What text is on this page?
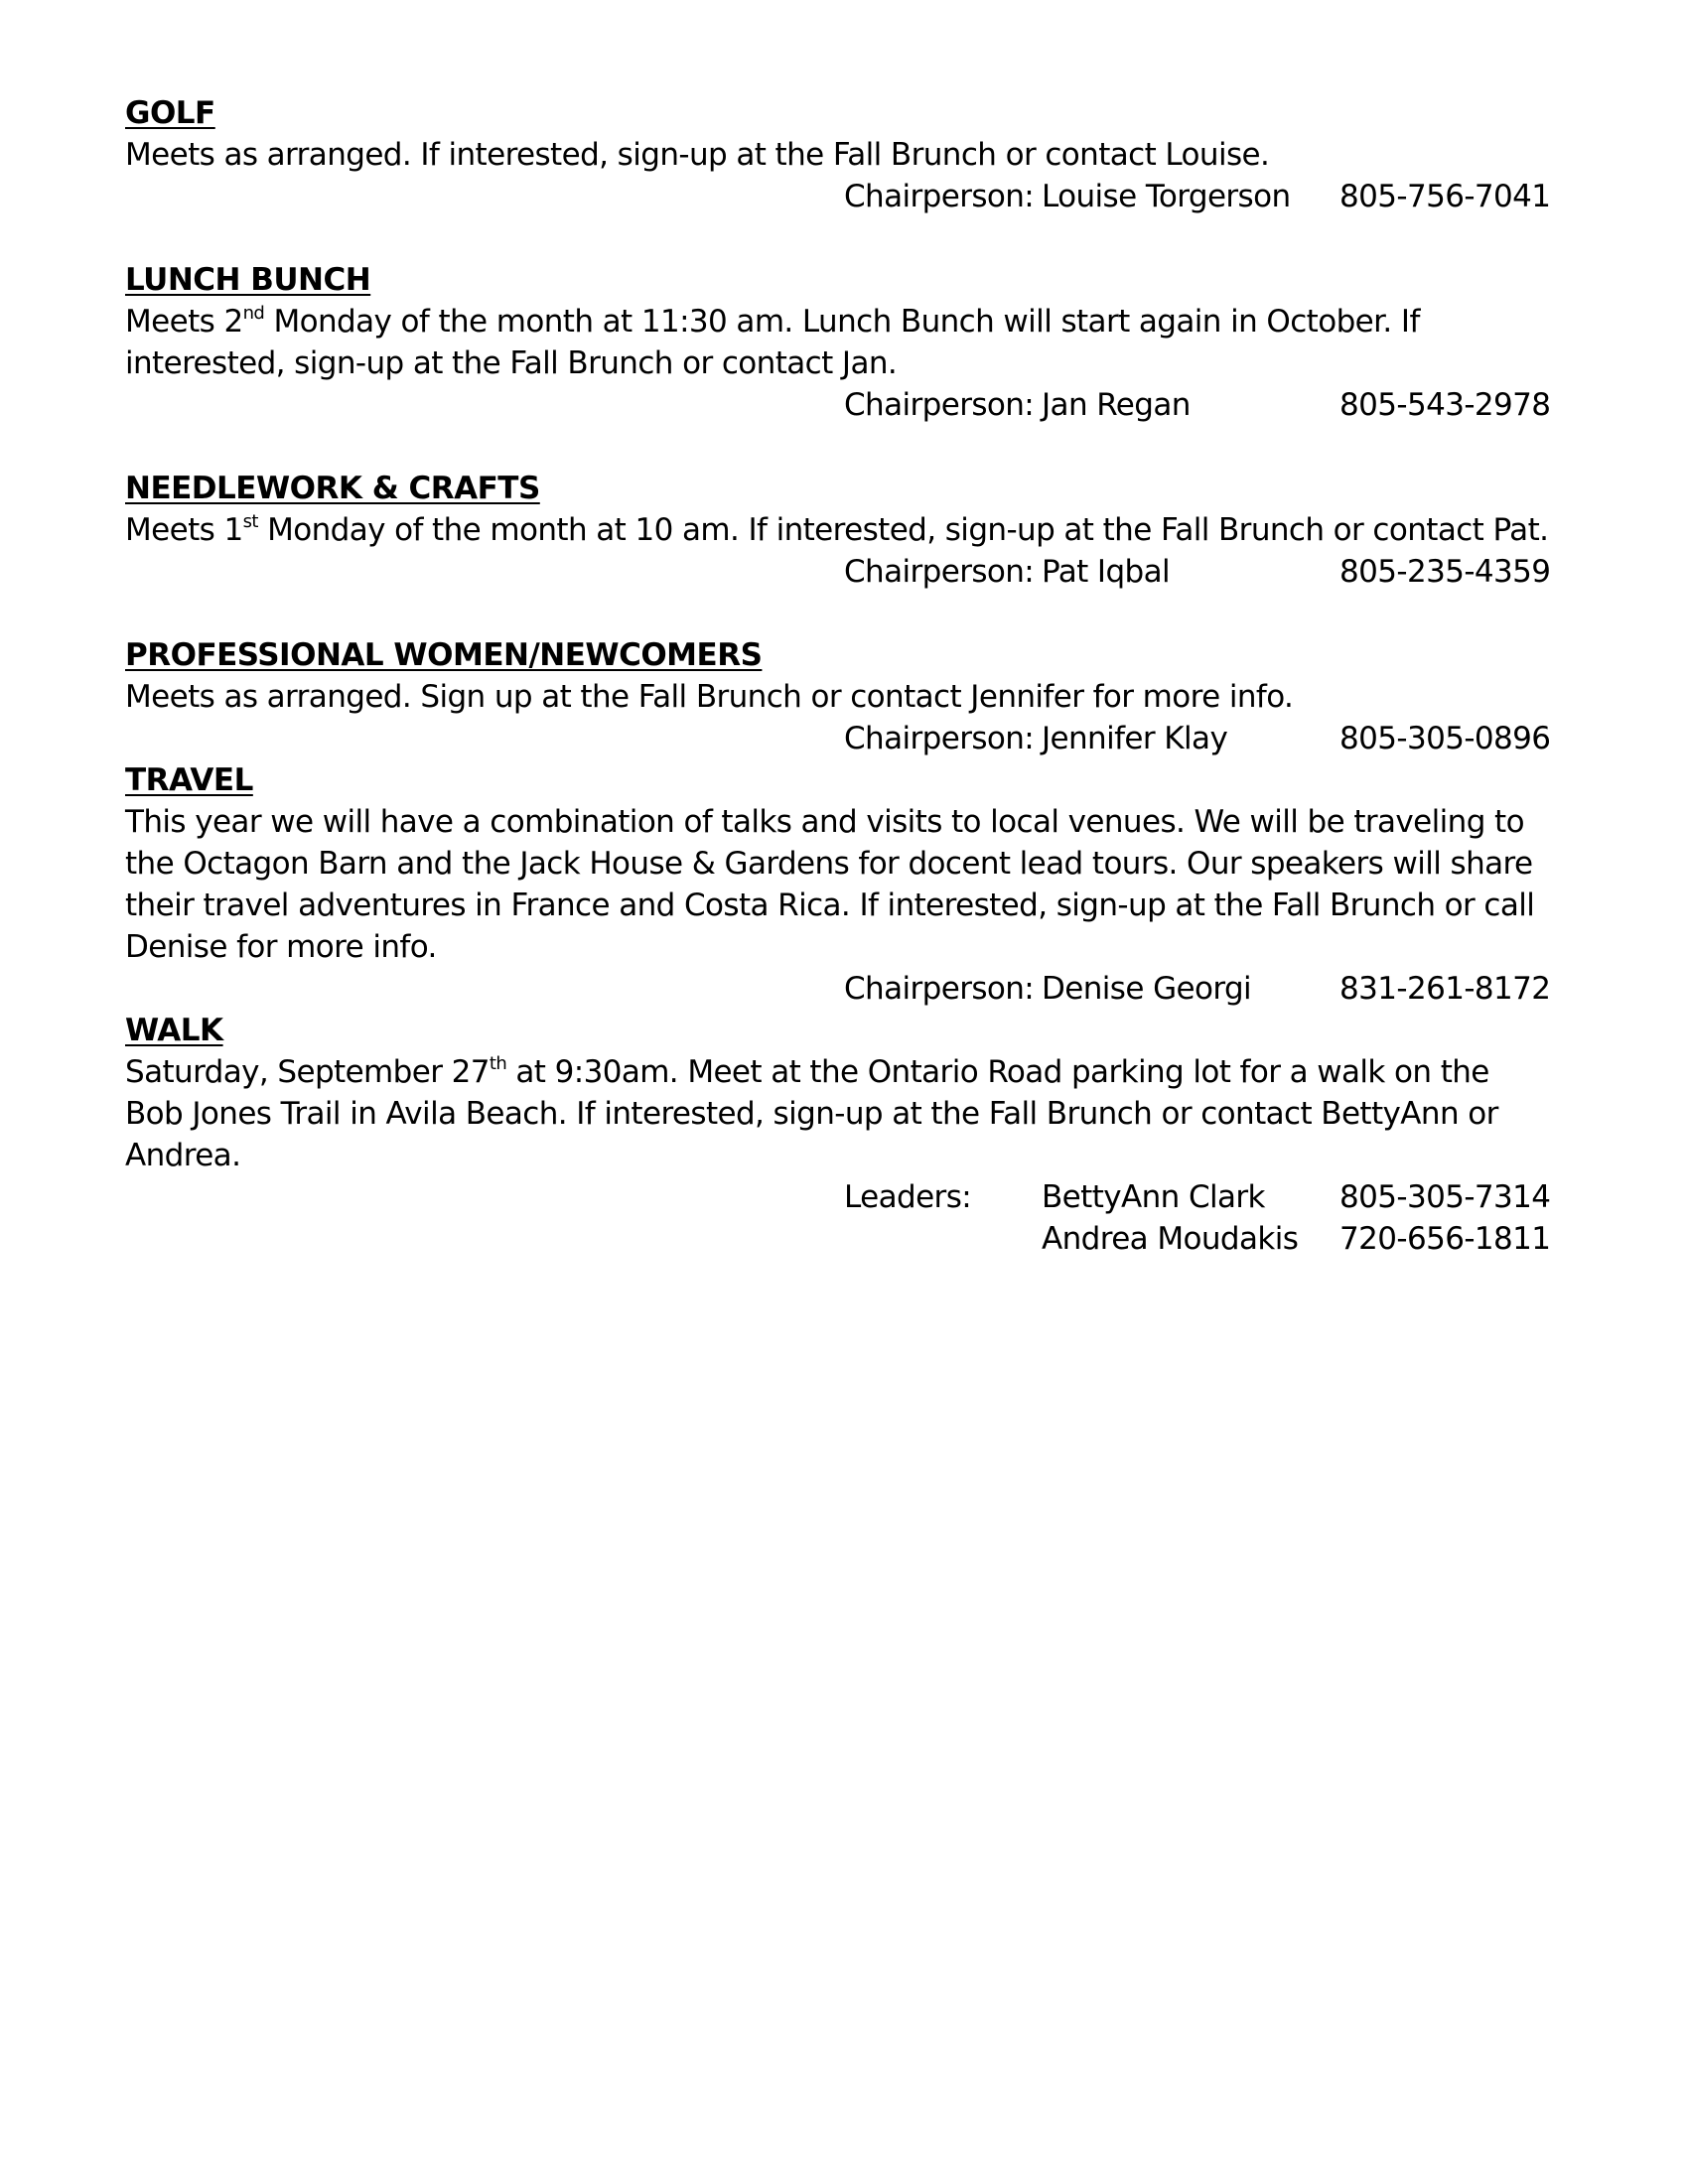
GOLF
Meets as arranged. If interested, sign-up at the Fall Brunch or contact Louise.
Chairperson: Louise Torgerson 805-756-7041
LUNCH BUNCH
Meets 2nd Monday of the month at 11:30 am. Lunch Bunch will start again in October. If interested, sign-up at the Fall Brunch or contact Jan.
Chairperson: Jan Regan	805-543-2978
NEEDLEWORK & CRAFTS
Meets 1st Monday of the month at 10 am. If interested, sign-up at the Fall Brunch or contact Pat.
Chairperson: Pat Iqbal	805-235-4359
PROFESSIONAL WOMEN/NEWCOMERS
Meets as arranged. Sign up at the Fall Brunch or contact Jennifer for more info.
Chairperson: Jennifer Klay	805-305-0896
TRAVEL
This year we will have a combination of talks and visits to local venues. We will be traveling to the Octagon Barn and the Jack House & Gardens for docent lead tours. Our speakers will share their travel adventures in France and Costa Rica. If interested, sign-up at the Fall Brunch or call Denise for more info.
Chairperson: Denise Georgi	831-261-8172
WALK
Saturday, September 27th at 9:30am. Meet at the Ontario Road parking lot for a walk on the Bob Jones Trail in Avila Beach. If interested, sign-up at the Fall Brunch or contact BettyAnn or Andrea.
Leaders: BettyAnn Clark 805-305-7314
Andrea Moudakis 720-656-1811
